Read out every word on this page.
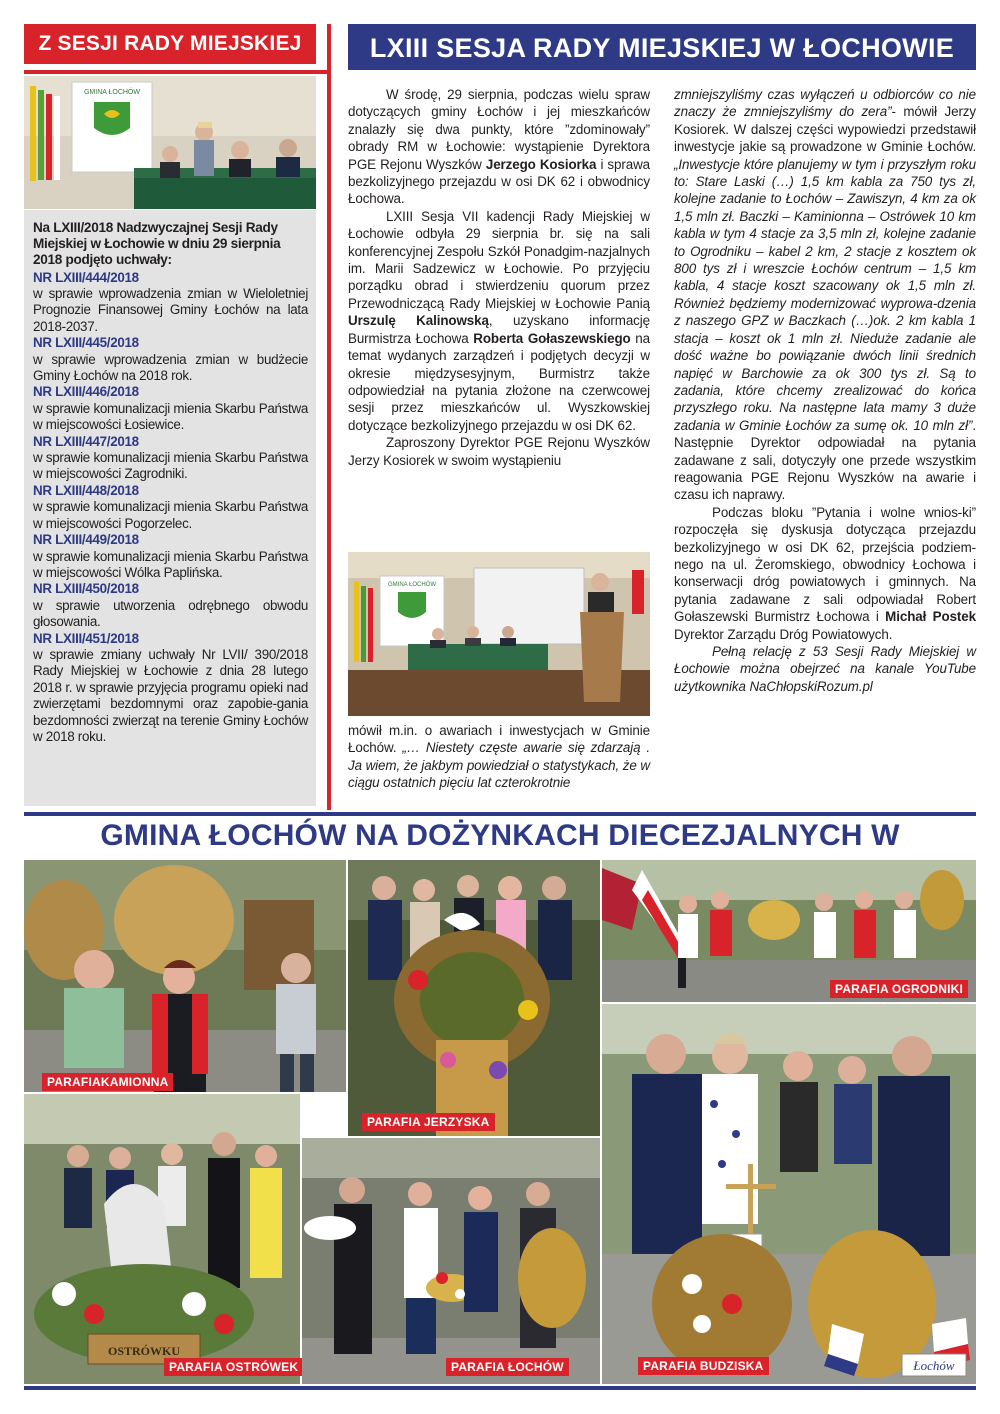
Z SESJI RADY MIEJSKIEJ	LXIII SESJA RADY MIEJSKIEJ W ŁOCHOWIE
GMINA ŁOCHÓW
Na LXIII/2018 Nadzwyczajnej Sesji Rady Miejskiej w Łochowie w dniu 29 sierpnia 2018 podjęto uchwały:
NR LXIII/444/2018
w sprawie wprowadzenia zmian w Wieloletniej Prognozie Finansowej Gminy Łochów na lata 2018-2037.
NR LXIII/445/2018
w sprawie wprowadzenia zmian w budżecie Gminy Łochów na 2018 rok.
NR LXIII/446/2018
w sprawie komunalizacji mienia Skarbu Państwa w miejscowości Łosiewice.
NR LXIII/447/2018
w sprawie komunalizacji mienia Skarbu Państwa w miejscowości Zagrodniki.
NR LXIII/448/2018
w sprawie komunalizacji mienia Skarbu Państwa w miejscowości Pogorzelec.
NR LXIII/449/2018
w sprawie komunalizacji mienia Skarbu Państwa w miejscowości Wólka Paplińska.
NR LXIII/450/2018
w sprawie utworzenia odrębnego obwodu głosowania.
NR LXIII/451/2018
w sprawie zmiany uchwały Nr LVII/ 390/2018 Rady Miejskiej w Łochowie z dnia 28 lutego 2018 r. w sprawie przyjęcia programu opieki nad zwierzętami bezdomnymi oraz zapobie-gania bezdomności zwierząt na terenie Gminy Łochów w 2018 roku.

W środę, 29 sierpnia, podczas wielu spraw dotyczących gminy Łochów i jej mieszkańców znalazły się dwa punkty, które ”zdominowały” obrady RM w Łochowie: wystąpienie Dyrektora PGE Rejonu Wyszków Jerzego Kosiorka i sprawa bezkolizyjnego przejazdu w osi DK 62 i obwodnicy Łochowa.

LXIII Sesja VII kadencji Rady Miejskiej w Łochowie odbyła 29 sierpnia br. się na sali konferencyjnej Zespołu Szkół Ponadgim-nazjalnych im. Marii Sadzewicz w Łochowie. Po przyjęciu porządku obrad i stwierdzeniu quorum przez Przewodniczącą Rady Miejskiej w Łochowie Panią Urszulę Kalinowską, uzyskano informację Burmistrza Łochowa Roberta Gołaszewskiego na temat wydanych zarządzeń i podjętych decyzji w okresie międzysesyjnym, Burmistrz także odpowiedział na pytania złożone na czerwcowej sesji przez mieszkańców ul. Wyszkowskiej dotyczące bezkolizyjnego przejazdu w osi DK 62.

Zaproszony Dyrektor PGE Rejonu Wyszków Jerzy Kosiorek w swoim wystąpieniu

GMINA ŁOCHÓW

mówił m.in. o awariach i inwestycjach w Gminie Łochów. „… Niestety częste awarie się zdarzają . Ja wiem, że jakbym powiedział o statystykach, że w ciągu ostatnich pięciu lat czterokrotnie

zmniejszyliśmy czas wyłączeń u odbiorców co nie znaczy że zmniejszyliśmy do zera”- mówił Jerzy Kosiorek. W dalszej części wypowiedzi przedstawił inwestycje jakie są prowadzone w Gminie Łochów. „Inwestycje które planujemy w tym i przyszłym roku to: Stare Laski (…) 1,5 km kabla za 750 tys zł, kolejne zadanie to Łochów – Zawiszyn, 4 km za ok 1,5 mln zł. Baczki – Kaminionna – Ostrówek 10 km kabla w tym 4 stacje za 3,5 mln zł, kolejne zadanie to Ogrodniku – kabel 2 km, 2 stacje z kosztem ok 800 tys zł i wreszcie Łochów centrum – 1,5 km kabla, 4 stacje koszt szacowany ok 1,5 mln zł. Również będziemy modernizować wyprowa-dzenia z naszego GPZ w Baczkach (…)ok. 2 km kabla 1 stacja – koszt ok 1 mln zł. Nieduże zadanie ale dość ważne bo powiązanie dwóch linii średnich napięć w Barchowie za ok 300 tys zł. Są to zadania, które chcemy zrealizować do końca przyszłego roku. Na następne lata mamy 3 duże zadania w Gminie Łochów za sumę ok. 10 mln zł”. Następnie Dyrektor odpowiadał na pytania zadawane z sali, dotyczyły one przede wszystkim reagowania PGE Rejonu Wyszków na awarie i czasu ich naprawy.

Podczas bloku ”Pytania i wolne wnios-ki” rozpoczęła się dyskusja dotycząca przejazdu bezkolizyjnego w osi DK 62, przejścia podziem-nego na ul. Żeromskiego, obwodnicy Łochowa i konserwacji dróg powiatowych i gminnych. Na pytania zadawane z sali odpowiadał Robert Gołaszewski Burmistrz Łochowa i Michał Postek Dyrektor Zarządu Dróg Powiatowych.

Pełną relację z 53 Sesji Rady Miejskiej w Łochowie można obejrzeć na kanale YouTube użytkownika NaChłopskiRozum.pl

GMINA ŁOCHÓW NA DOŻYNKACH DIECEZJALNYCH W
PARAFIAKAMIONNA
PARAFIA JERZYSKA
PARAFIA OGRODNIKI
Łochów
PARAFIA BUDZISKA
OSTRÓWKU
PARAFIA OSTRÓWEK	PARAFIA ŁOCHÓW
